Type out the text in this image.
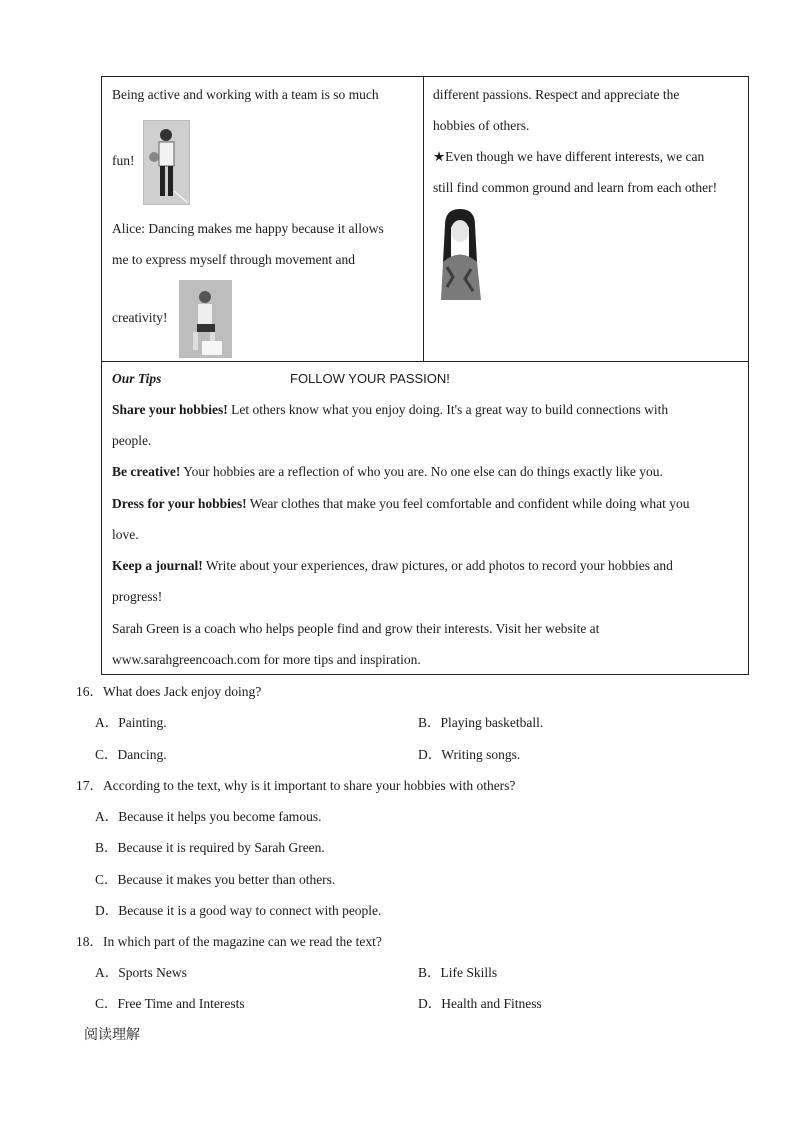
Being active and working with a team is so much
fun!
Alice: Dancing makes me happy because it allows
me to express myself through movement and
creativity!
different passions. Respect and appreciate the
hobbies of others.
★Even though we have different interests, we can
still find common ground and learn from each other!
Our Tips	FOLLOW YOUR PASSION!
Share your hobbies! Let others know what you enjoy doing. It's a great way to build connections with
people.
Be creative! Your hobbies are a reflection of who you are. No one else can do things exactly like you.
Dress for your hobbies! Wear clothes that make you feel comfortable and confident while doing what you
love.
Keep a journal! Write about your experiences, draw pictures, or add photos to record your hobbies and
progress!
Sarah Green is a coach who helps people find and grow their interests. Visit her website at
www.sarahgreencoach.com for more tips and inspiration.
16．What does Jack enjoy doing?
A．Painting.	B．Playing basketball.
C．Dancing.	D．Writing songs.
17．According to the text, why is it important to share your hobbies with others?
A．Because it helps you become famous.
B．Because it is required by Sarah Green.
C．Because it makes you better than others.
D．Because it is a good way to connect with people.
18．In which part of the magazine can we read the text?
A．Sports News	B．Life Skills
C．Free Time and Interests	D．Health and Fitness
阅读理解
